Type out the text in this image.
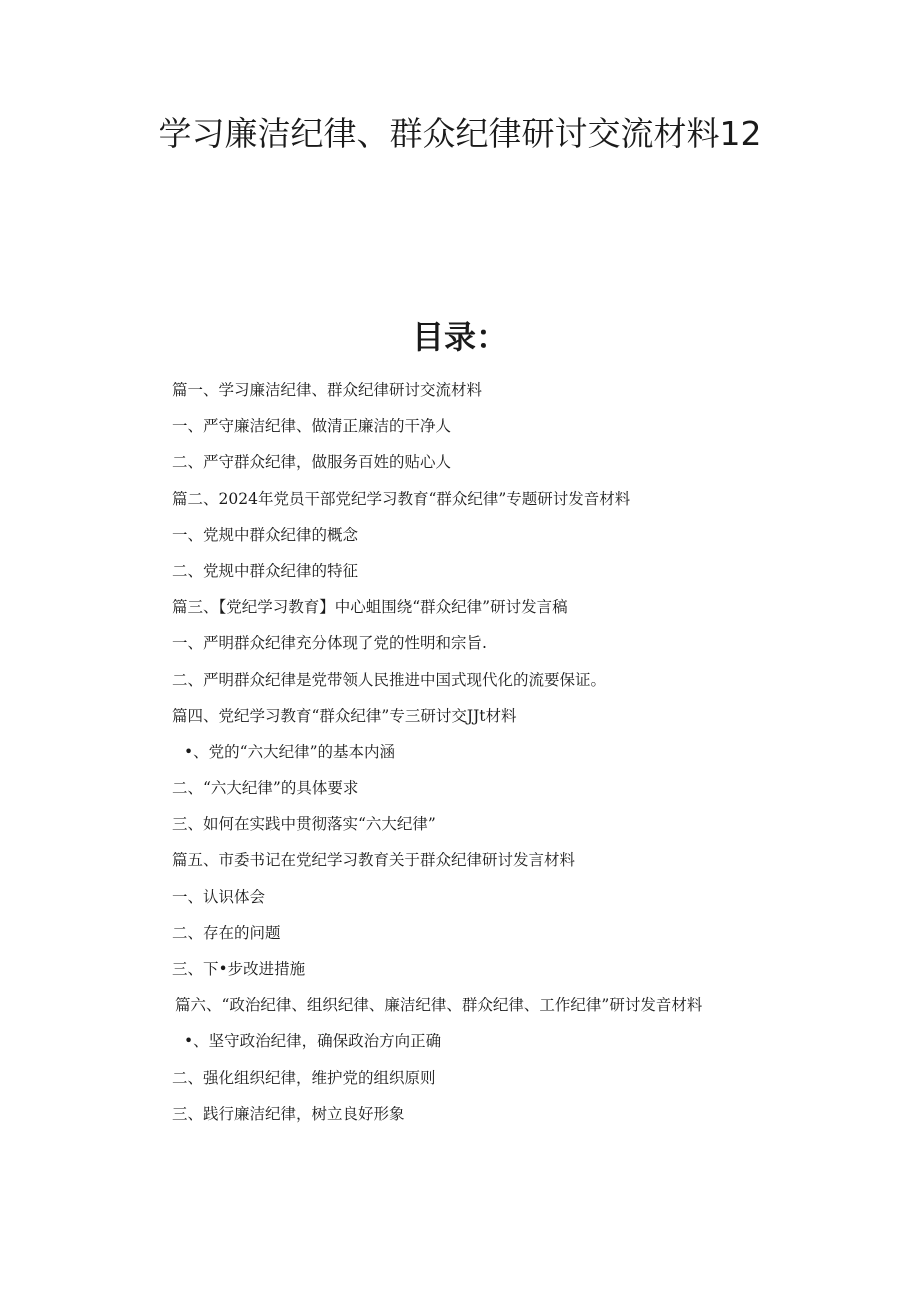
学习廉洁纪律、群众纪律研讨交流材料12
目录：
篇一、学习廉洁纪律、群众纪律研讨交流材料
一、严守廉洁纪律、做清正廉洁的干净人
二、严守群众纪律，做服务百姓的贴心人
篇二、2024年党员干部党纪学习教育“群众纪律”专题研讨发音材料
一、党规中群众纪律的概念
二、党规中群众纪律的特征
篇三、【党纪学习教育】中心蛆围绕“群众纪律”研讨发言稿
一、严明群众纪律充分体现了党的性明和宗旨.
二、严明群众纪律是党带领人民推进中国式现代化的流要保证。
篇四、党纪学习教育“群众纪律”专三研讨交JJt材料
•、党的“六大纪律”的基本内涵
二、“六大纪律”的具体要求
三、如何在实践中贯彻落实“六大纪律”
篇五、市委书记在党纪学习教育关于群众纪律研讨发言材料
一、认识体会
二、存在的问题
三、下•步改进措施
篇六、“政治纪律、组织纪律、廉洁纪律、群众纪律、工作纪律”研讨发音材料
•、坚守政治纪律，确保政治方向正确
二、强化组织纪律，维护党的组织原则
三、践行廉洁纪律，树立良好形象
